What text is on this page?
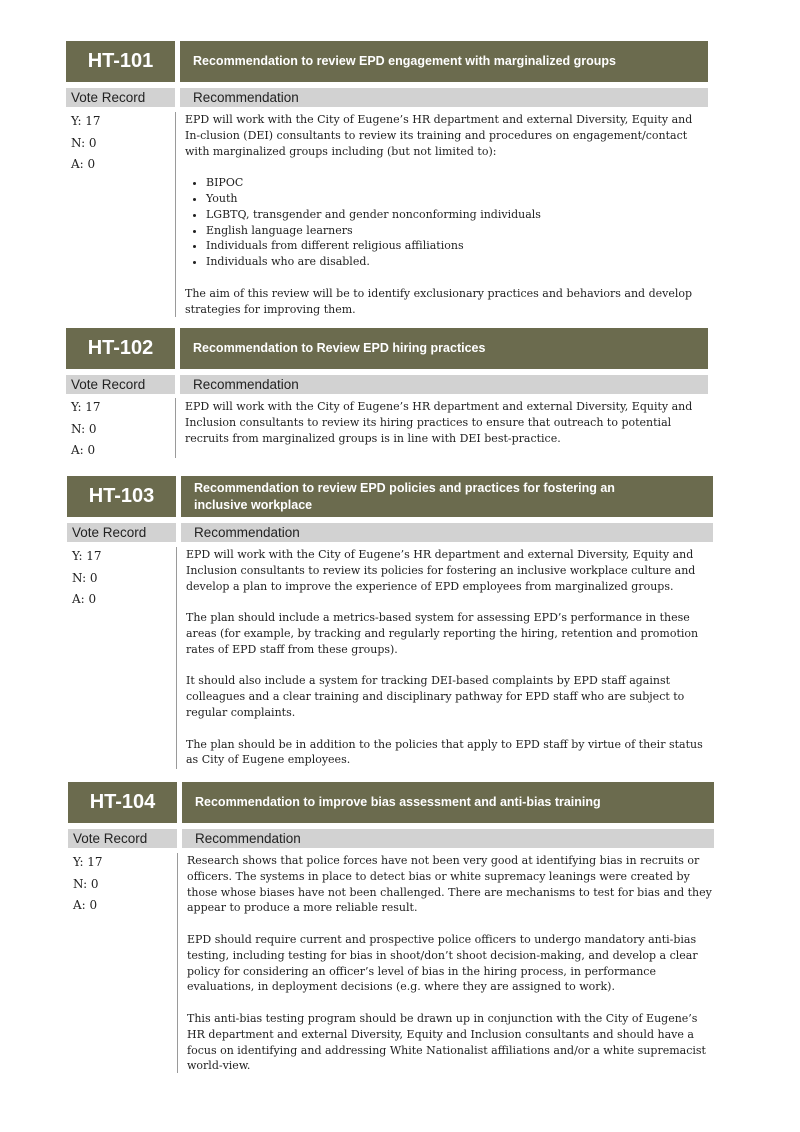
HT-101	Recommendation to review EPD engagement with marginalized groups
Vote Record	Recommendation
Y: 17
N: 0
A: 0

EPD will work with the City of Eugene’s HR department and external Diversity, Equity and In-clusion (DEI) consultants to review its training and procedures on engagement/contact with marginalized groups including (but not limited to):

• BIPOC
• Youth
• LGBTQ, transgender and gender nonconforming individuals
• English language learners
• Individuals from different religious affiliations
• Individuals who are disabled.

The aim of this review will be to identify exclusionary practices and behaviors and develop strategies for improving them.

HT-102	Recommendation to Review EPD hiring practices
Vote Record	Recommendation
Y: 17
N: 0
A: 0

EPD will work with the City of Eugene’s HR department and external Diversity, Equity and Inclusion consultants to review its hiring practices to ensure that outreach to potential recruits from marginalized groups is in line with DEI best-practice.

HT-103	Recommendation to review EPD policies and practices for fostering an
inclusive workplace
Vote Record	Recommendation
Y: 17
N: 0
A: 0

EPD will work with the City of Eugene’s HR department and external Diversity, Equity and Inclusion consultants to review its policies for fostering an inclusive workplace culture and develop a plan to improve the experience of EPD employees from marginalized groups.

The plan should include a metrics-based system for assessing EPD’s performance in these areas (for example, by tracking and regularly reporting the hiring, retention and promotion rates of EPD staff from these groups).

It should also include a system for tracking DEI-based complaints by EPD staff against colleagues and a clear training and disciplinary pathway for EPD staff who are subject to regular complaints.

The plan should be in addition to the policies that apply to EPD staff by virtue of their status as City of Eugene employees.

HT-104	Recommendation to improve bias assessment and anti-bias training
Vote Record	Recommendation
Y: 17
N: 0
A: 0

Research shows that police forces have not been very good at identifying bias in recruits or officers. The systems in place to detect bias or white supremacy leanings were created by those whose biases have not been challenged. There are mechanisms to test for bias and they appear to produce a more reliable result.

EPD should require current and prospective police officers to undergo mandatory anti-bias testing, including testing for bias in shoot/don’t shoot decision-making, and develop a clear policy for considering an officer’s level of bias in the hiring process, in performance evaluations, in deployment decisions (e.g. where they are assigned to work).

This anti-bias testing program should be drawn up in conjunction with the City of Eugene’s HR department and external Diversity, Equity and Inclusion consultants and should have a focus on identifying and addressing White Nationalist affiliations and/or a white supremacist world-view.
